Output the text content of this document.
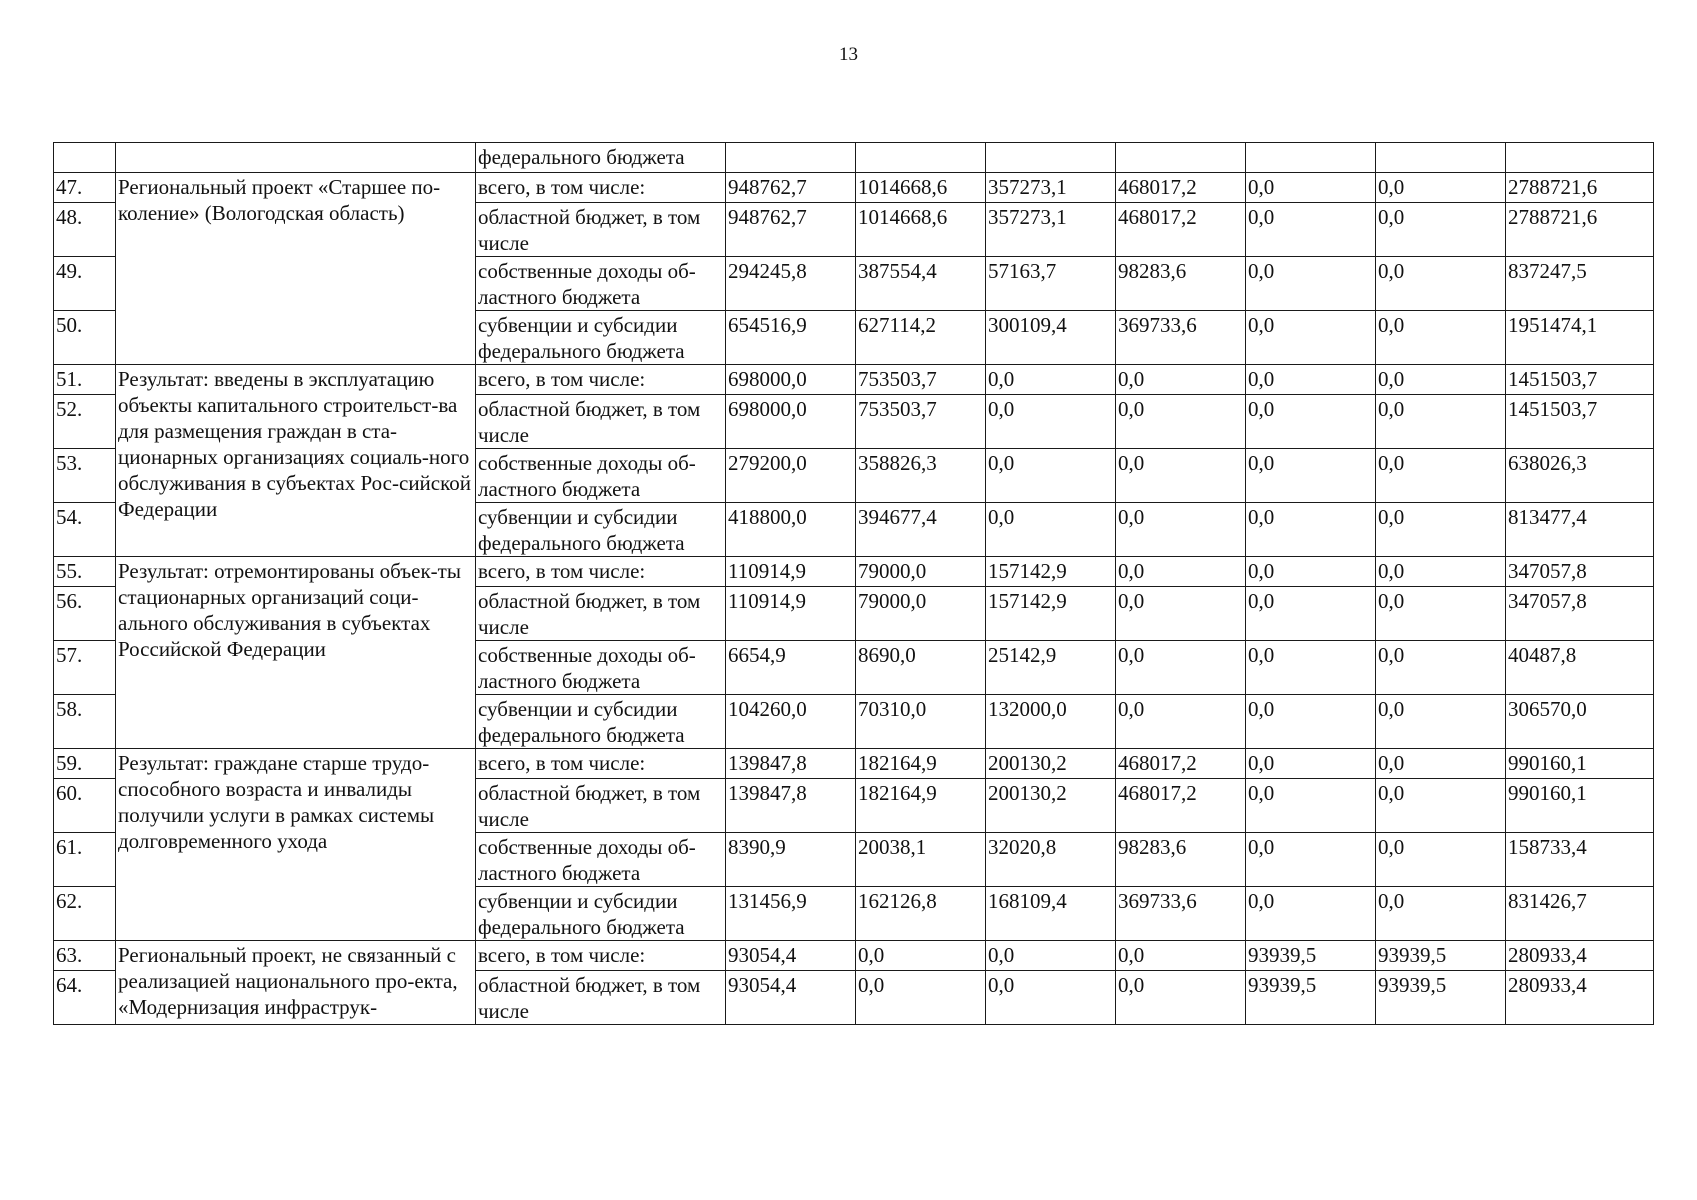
13
		федерального бюджета							
47.	Региональный проект «Старшее по-коление» (Вологодская область)	всего, в том числе:	948762,7	1014668,6	357273,1	468017,2	0,0	0,0	2788721,6
48.		областной бюджет, в том числе	948762,7	1014668,6	357273,1	468017,2	0,0	0,0	2788721,6
49.		собственные доходы об-ластного бюджета	294245,8	387554,4	57163,7	98283,6	0,0	0,0	837247,5
50.		субвенции и субсидии федерального бюджета	654516,9	627114,2	300109,4	369733,6	0,0	0,0	1951474,1
51.	Результат: введены в эксплуатацию объекты капитального строительст-ва для размещения граждан в ста-ционарных организациях социаль-ного обслуживания в субъектах Рос-сийской Федерации	всего, в том числе:	698000,0	753503,7	0,0	0,0	0,0	0,0	1451503,7
52.		областной бюджет, в том числе	698000,0	753503,7	0,0	0,0	0,0	0,0	1451503,7
53.		собственные доходы об-ластного бюджета	279200,0	358826,3	0,0	0,0	0,0	0,0	638026,3
54.		субвенции и субсидии федерального бюджета	418800,0	394677,4	0,0	0,0	0,0	0,0	813477,4
55.	Результат: отремонтированы объек-ты стационарных организаций соци-ального обслуживания в субъектах Российской Федерации	всего, в том числе:	110914,9	79000,0	157142,9	0,0	0,0	0,0	347057,8
56.		областной бюджет, в том числе	110914,9	79000,0	157142,9	0,0	0,0	0,0	347057,8
57.		собственные доходы об-ластного бюджета	6654,9	8690,0	25142,9	0,0	0,0	0,0	40487,8
58.		субвенции и субсидии федерального бюджета	104260,0	70310,0	132000,0	0,0	0,0	0,0	306570,0
59.	Результат: граждане старше трудо-способного возраста и инвалиды получили услуги в рамках системы долговременного ухода	всего, в том числе:	139847,8	182164,9	200130,2	468017,2	0,0	0,0	990160,1
60.		областной бюджет, в том числе	139847,8	182164,9	200130,2	468017,2	0,0	0,0	990160,1
61.		собственные доходы об-ластного бюджета	8390,9	20038,1	32020,8	98283,6	0,0	0,0	158733,4
62.		субвенции и субсидии федерального бюджета	131456,9	162126,8	168109,4	369733,6	0,0	0,0	831426,7
63.	Региональный проект, не связанный с реализацией национального про-екта, «Модернизация инфраструк-	всего, в том числе:	93054,4	0,0	0,0	0,0	93939,5	93939,5	280933,4
64.		областной бюджет, в том числе	93054,4	0,0	0,0	0,0	93939,5	93939,5	280933,4
